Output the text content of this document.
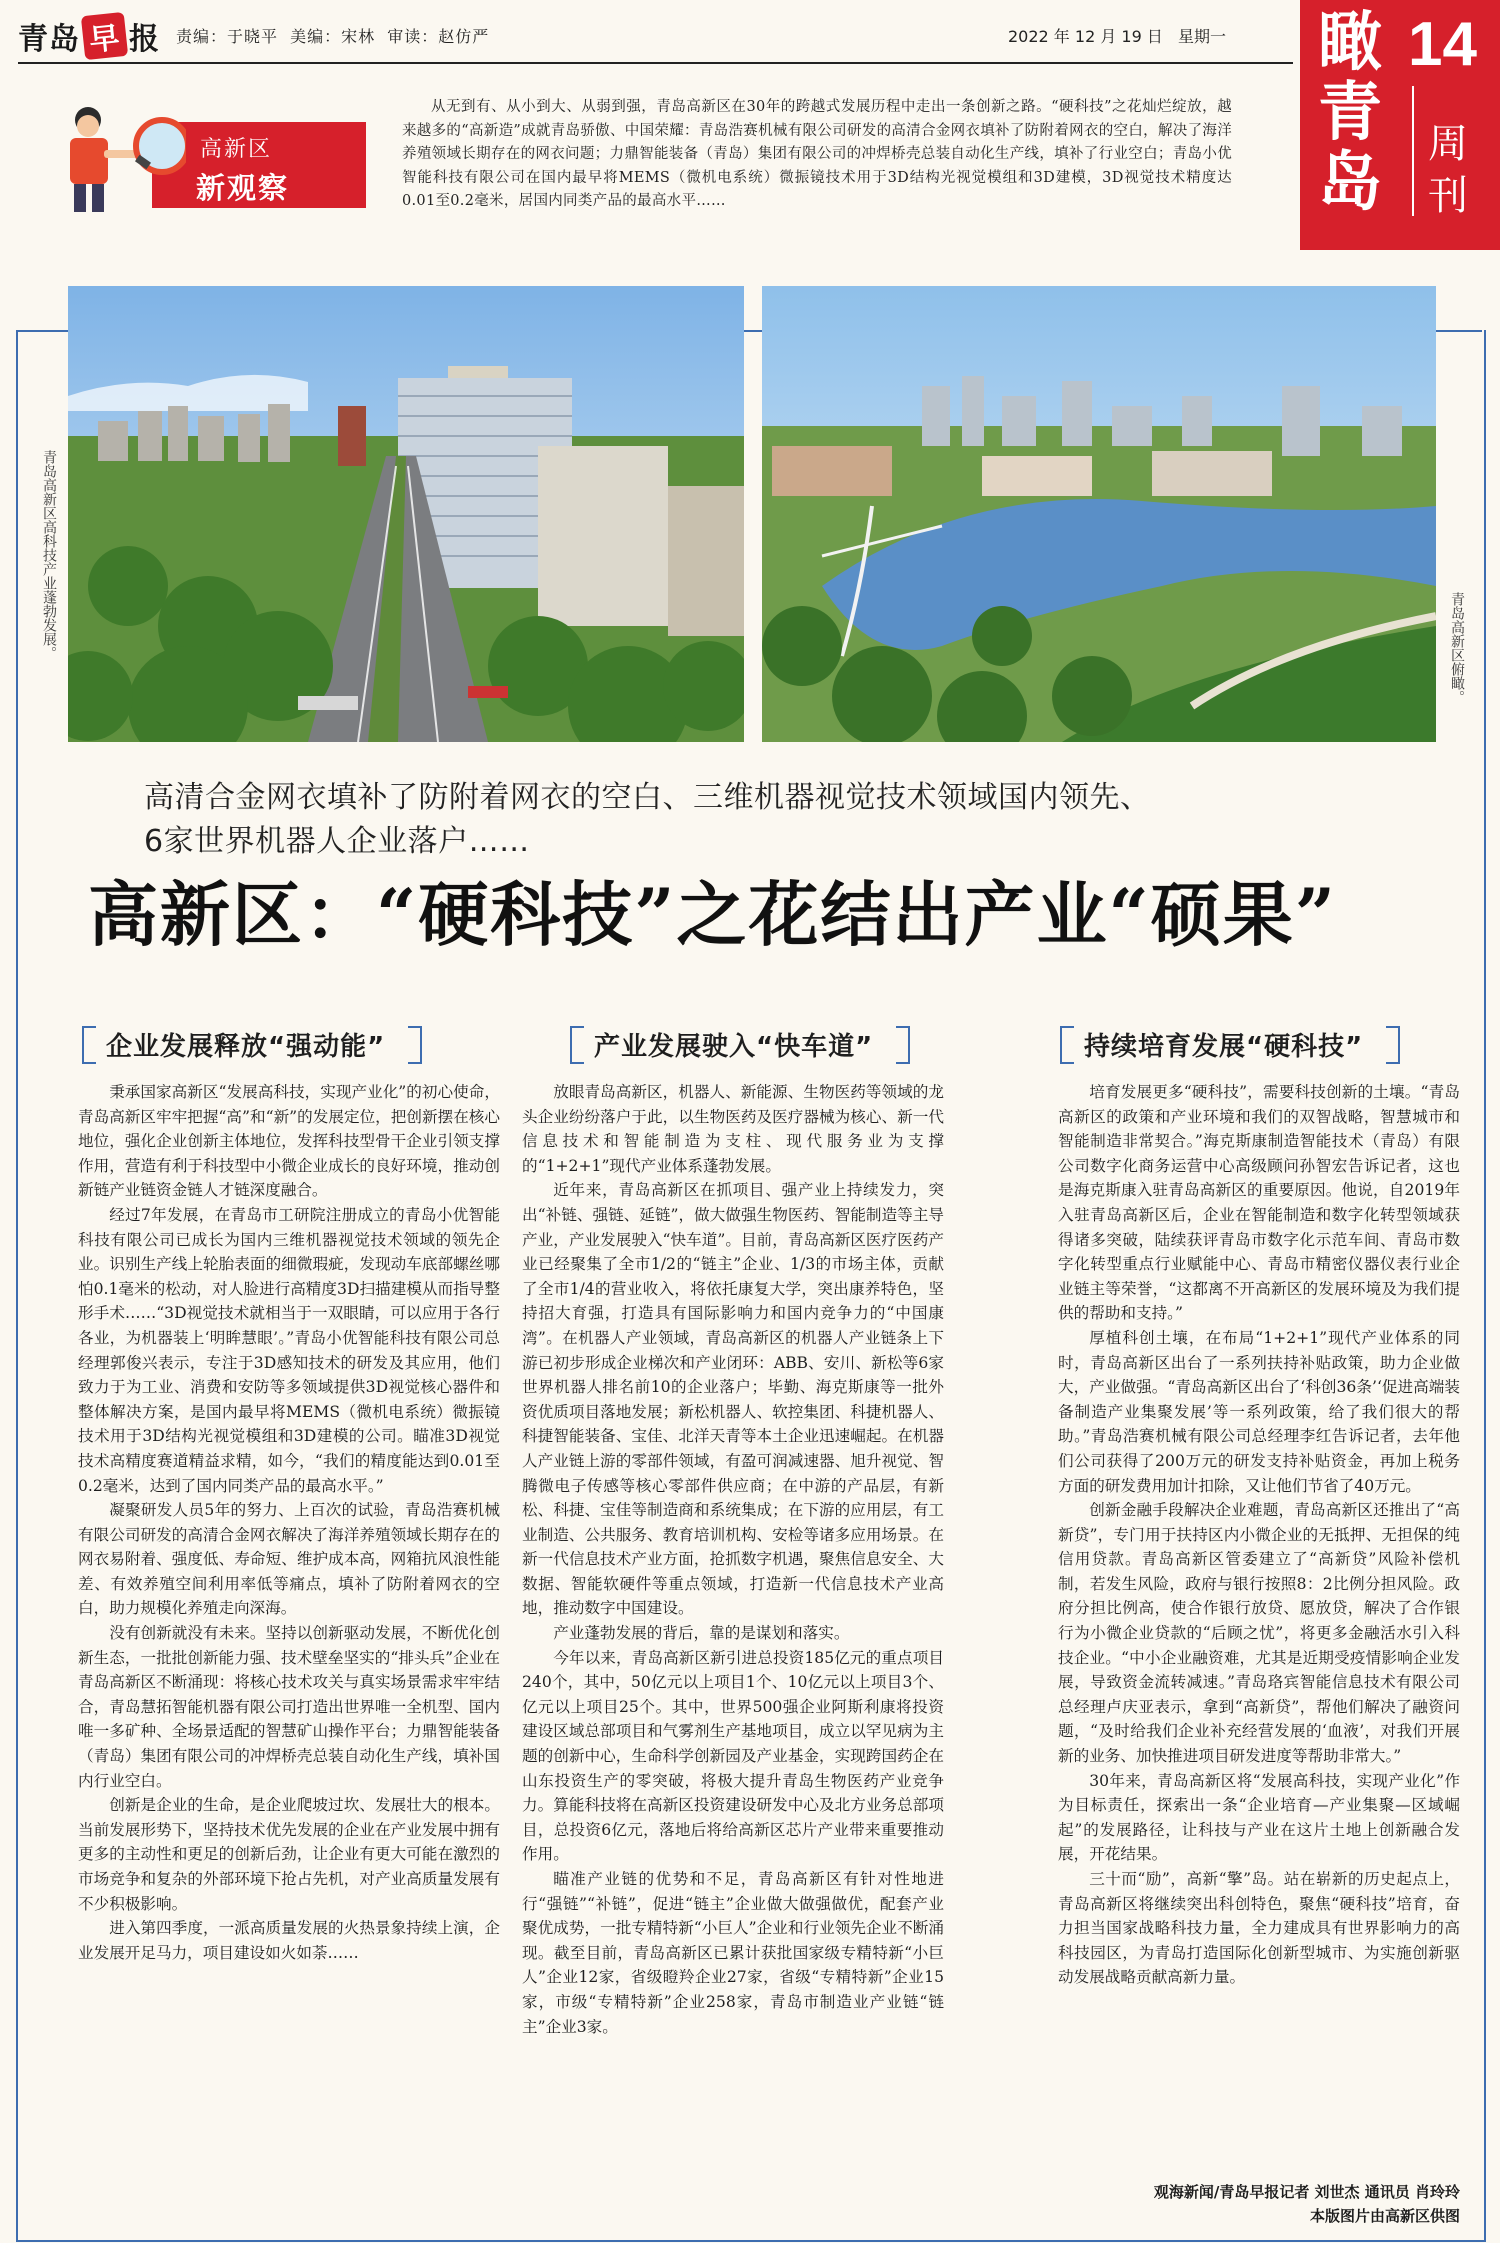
青岛 早 报 责编：于晓平 美编：宋林 审读：赵仿严	2022 年 12 月 19 日 星期一 瞰
青
岛
14
周刊
高新区
新观察
从无到有、从小到大、从弱到强，青岛高新区在30年的跨越式发展历程中走出一条创新之路。“硬科技”之花灿烂绽放，越来越多的“高新造”成就青岛骄傲、中国荣耀：青岛浩赛机械有限公司研发的高清合金网衣填补了防附着网衣的空白，解决了海洋养殖领域长期存在的网衣问题；力鼎智能装备（青岛）集团有限公司的冲焊桥壳总装自动化生产线，填补了行业空白；青岛小优智能科技有限公司在国内最早将MEMS（微机电系统）微振镜技术用于3D结构光视觉模组和3D建模，3D视觉技术精度达0.01至0.2毫米，居国内同类产品的最高水平……
青岛高新区高科技产业蓬勃发展。	青岛高新区俯瞰。
高清合金网衣填补了防附着网衣的空白、三维机器视觉技术领域国内领先、
6家世界机器人企业落户……
高新区：“硬科技”之花结出产业“硕果”
企业发展释放“强动能”	产业发展驶入“快车道”	持续培育发展“硬科技”

秉承国家高新区“发展高科技，实现产业化”的初心使命，青岛高新区牢牢把握“高”和“新”的发展定位，把创新摆在核心地位，强化企业创新主体地位，发挥科技型骨干企业引领支撑作用，营造有利于科技型中小微企业成长的良好环境，推动创新链产业链资金链人才链深度融合。

经过7年发展，在青岛市工研院注册成立的青岛小优智能科技有限公司已成长为国内三维机器视觉技术领域的领先企业。识别生产线上轮胎表面的细微瑕疵，发现动车底部螺丝哪怕0.1毫米的松动，对人脸进行高精度3D扫描建模从而指导整形手术……“3D视觉技术就相当于一双眼睛，可以应用于各行各业，为机器装上‘明眸慧眼’。”青岛小优智能科技有限公司总经理郭俊兴表示，专注于3D感知技术的研发及其应用，他们致力于为工业、消费和安防等多领域提供3D视觉核心器件和整体解决方案，是国内最早将MEMS（微机电系统）微振镜技术用于3D结构光视觉模组和3D建模的公司。瞄准3D视觉技术高精度赛道精益求精，如今，“我们的精度能达到0.01至0.2毫米，达到了国内同类产品的最高水平。”

凝聚研发人员5年的努力、上百次的试验，青岛浩赛机械有限公司研发的高清合金网衣解决了海洋养殖领域长期存在的网衣易附着、强度低、寿命短、维护成本高，网箱抗风浪性能差、有效养殖空间利用率低等痛点，填补了防附着网衣的空白，助力规模化养殖走向深海。

没有创新就没有未来。坚持以创新驱动发展，不断优化创新生态，一批批创新能力强、技术壁垒坚实的“排头兵”企业在青岛高新区不断涌现：将核心技术攻关与真实场景需求牢牢结合，青岛慧拓智能机器有限公司打造出世界唯一全机型、国内唯一多矿种、全场景适配的智慧矿山操作平台；力鼎智能装备（青岛）集团有限公司的冲焊桥壳总装自动化生产线，填补国内行业空白。

创新是企业的生命，是企业爬坡过坎、发展壮大的根本。当前发展形势下，坚持技术优先发展的企业在产业发展中拥有更多的主动性和更足的创新后劲，让企业有更大可能在激烈的市场竞争和复杂的外部环境下抢占先机，对产业高质量发展有不少积极影响。

进入第四季度，一派高质量发展的火热景象持续上演，企业发展开足马力，项目建设如火如荼……

放眼青岛高新区，机器人、新能源、生物医药等领域的龙头企业纷纷落户于此，以生物医药及医疗器械为核心、新一代信息技术和智能制造为支柱、现代服务业为支撑的“1+2+1”现代产业体系蓬勃发展。

近年来，青岛高新区在抓项目、强产业上持续发力，突出“补链、强链、延链”，做大做强生物医药、智能制造等主导产业，产业发展驶入“快车道”。目前，青岛高新区医疗医药产业已经聚集了全市1/2的“链主”企业、1/3的市场主体，贡献了全市1/4的营业收入，将依托康复大学，突出康养特色，坚持招大育强，打造具有国际影响力和国内竞争力的“中国康湾”。在机器人产业领域，青岛高新区的机器人产业链条上下游已初步形成企业梯次和产业闭环：ABB、安川、新松等6家世界机器人排名前10的企业落户；毕勤、海克斯康等一批外资优质项目落地发展；新松机器人、软控集团、科捷机器人、科捷智能装备、宝佳、北洋天青等本土企业迅速崛起。在机器人产业链上游的零部件领域，有盈可润减速器、旭升视觉、智腾微电子传感等核心零部件供应商；在中游的产品层，有新松、科捷、宝佳等制造商和系统集成；在下游的应用层，有工业制造、公共服务、教育培训机构、安检等诸多应用场景。在新一代信息技术产业方面，抢抓数字机遇，聚焦信息安全、大数据、智能软硬件等重点领域，打造新一代信息技术产业高地，推动数字中国建设。

产业蓬勃发展的背后，靠的是谋划和落实。

今年以来，青岛高新区新引进总投资185亿元的重点项目240个，其中，50亿元以上项目1个、10亿元以上项目3个、亿元以上项目25个。其中，世界500强企业阿斯利康将投资建设区域总部项目和气雾剂生产基地项目，成立以罕见病为主题的创新中心，生命科学创新园及产业基金，实现跨国药企在山东投资生产的零突破，将极大提升青岛生物医药产业竞争力。算能科技将在高新区投资建设研发中心及北方业务总部项目，总投资6亿元，落地后将给高新区芯片产业带来重要推动作用。

瞄准产业链的优势和不足，青岛高新区有针对性地进行“强链”“补链”，促进“链主”企业做大做强做优，配套产业聚优成势，一批专精特新“小巨人”企业和行业领先企业不断涌现。截至目前，青岛高新区已累计获批国家级专精特新“小巨人”企业12家，省级瞪羚企业27家，省级“专精特新”企业15家，市级“专精特新”企业258家，青岛市制造业产业链“链主”企业3家。

培育发展更多“硬科技”，需要科技创新的土壤。“青岛高新区的政策和产业环境和我们的双智战略，智慧城市和智能制造非常契合。”海克斯康制造智能技术（青岛）有限公司数字化商务运营中心高级顾问孙智宏告诉记者，这也是海克斯康入驻青岛高新区的重要原因。他说，自2019年入驻青岛高新区后，企业在智能制造和数字化转型领域获得诸多突破，陆续获评青岛市数字化示范车间、青岛市数字化转型重点行业赋能中心、青岛市精密仪器仪表行业企业链主等荣誉，“这都离不开高新区的发展环境及为我们提供的帮助和支持。”

厚植科创土壤，在布局“1+2+1”现代产业体系的同时，青岛高新区出台了一系列扶持补贴政策，助力企业做大，产业做强。“青岛高新区出台了‘科创36条’‘促进高端装备制造产业集聚发展’等一系列政策，给了我们很大的帮助。”青岛浩赛机械有限公司总经理李红告诉记者，去年他们公司获得了200万元的研发支持补贴资金，再加上税务方面的研发费用加计扣除，又让他们节省了40万元。

创新金融手段解决企业难题，青岛高新区还推出了“高新贷”，专门用于扶持区内小微企业的无抵押、无担保的纯信用贷款。青岛高新区管委建立了“高新贷”风险补偿机制，若发生风险，政府与银行按照8：2比例分担风险。政府分担比例高，使合作银行放贷、愿放贷，解决了合作银行为小微企业贷款的“后顾之忧”，将更多金融活水引入科技企业。“中小企业融资难，尤其是近期受疫情影响企业发展，导致资金流转减速。”青岛珞宾智能信息技术有限公司总经理卢庆亚表示，拿到“高新贷”，帮他们解决了融资问题，“及时给我们企业补充经营发展的‘血液’，对我们开展新的业务、加快推进项目研发进度等帮助非常大。”

30年来，青岛高新区将“发展高科技，实现产业化”作为目标责任，探索出一条“企业培育—产业集聚—区域崛起”的发展路径，让科技与产业在这片土地上创新融合发展，开花结果。

三十而“励”，高新“擎”岛。站在崭新的历史起点上，青岛高新区将继续突出科创特色，聚焦“硬科技”培育，奋力担当国家战略科技力量，全力建成具有世界影响力的高科技园区，为青岛打造国际化创新型城市、为实施创新驱动发展战略贡献高新力量。

观海新闻/青岛早报记者 刘世杰 通讯员 肖玲玲
本版图片由高新区供图
